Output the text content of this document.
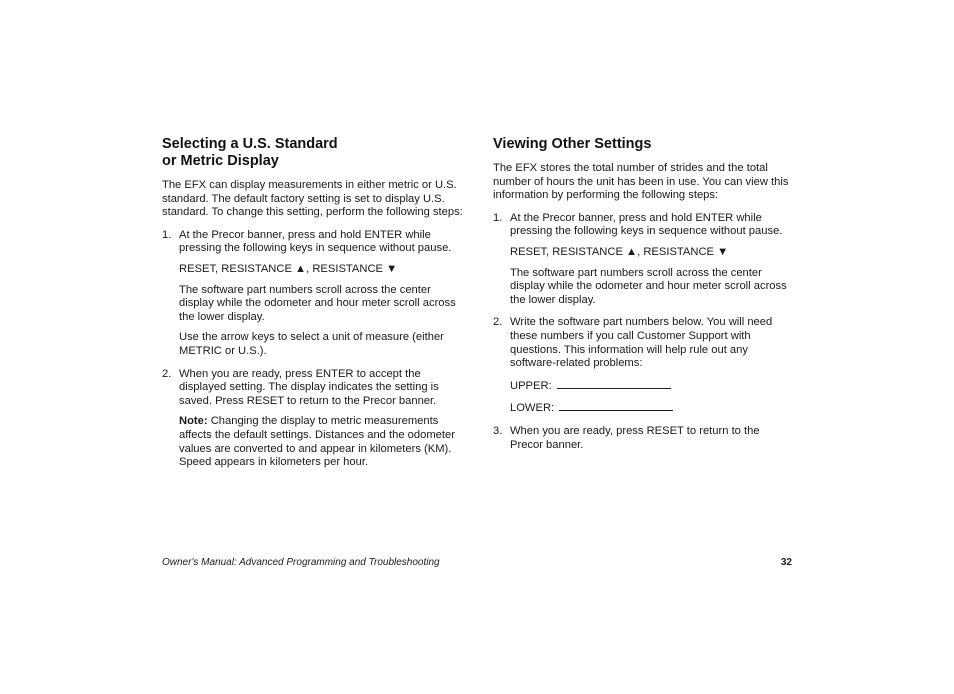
Selecting a U.S. Standard
or Metric Display

The EFX can display measurements in either metric or U.S. standard. The default factory setting is set to display U.S. standard. To change this setting, perform the following steps:

1. At the Precor banner, press and hold ENTER while pressing the following keys in sequence without pause.

RESET, RESISTANCE ▲, RESISTANCE ▼

The software part numbers scroll across the center display while the odometer and hour meter scroll across the lower display.

Use the arrow keys to select a unit of measure (either METRIC or U.S.).

2. When you are ready, press ENTER to accept the displayed setting. The display indicates the setting is saved. Press RESET to return to the Precor banner.

Note: Changing the display to metric measurements affects the default settings. Distances and the odometer values are converted to and appear in kilometers (KM). Speed appears in kilometers per hour.

Viewing Other Settings

The EFX stores the total number of strides and the total number of hours the unit has been in use. You can view this information by performing the following steps:

1. At the Precor banner, press and hold ENTER while pressing the following keys in sequence without pause.

RESET, RESISTANCE ▲, RESISTANCE ▼

The software part numbers scroll across the center display while the odometer and hour meter scroll across the lower display.

2. Write the software part numbers below. You will need these numbers if you call Customer Support with questions. This information will help rule out any software-related problems:

UPPER:

LOWER:

3. When you are ready, press RESET to return to the Precor banner.

Owner's Manual: Advanced Programming and Troubleshooting	32
